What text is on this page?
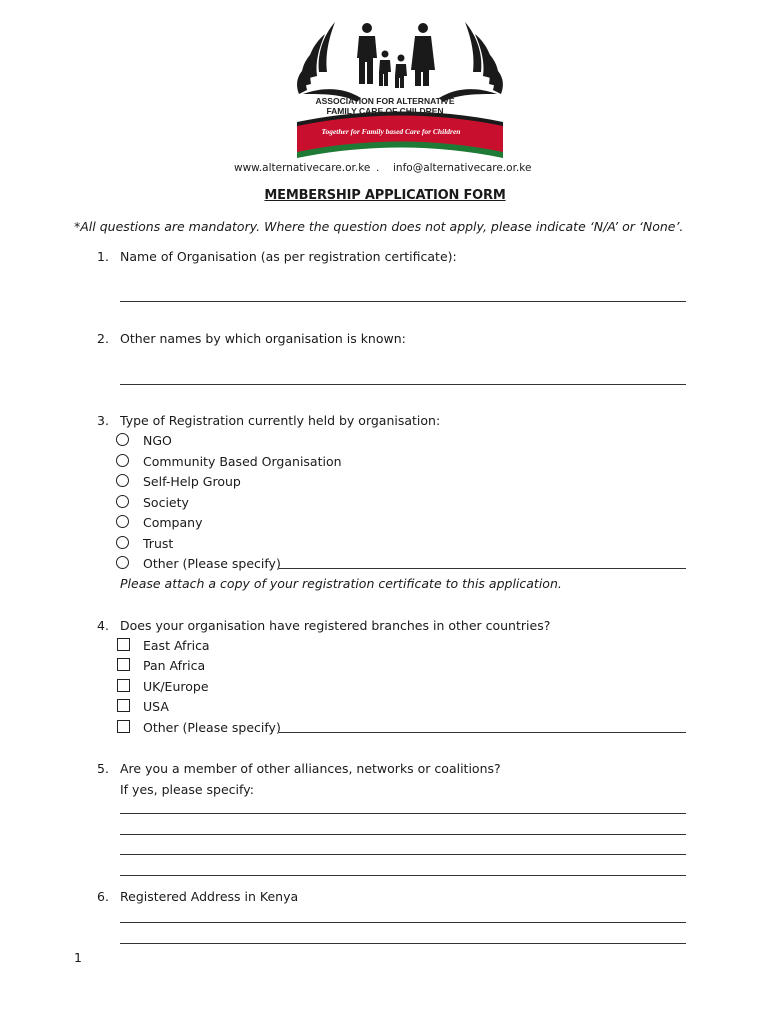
ASSOCIATION FOR ALTERNATIVE
FAMILY CARE OF CHILDREN
Together for Family based Care for Children
www.alternativecare.or.ke . info@alternativecare.or.ke
MEMBERSHIP APPLICATION FORM
*All questions are mandatory. Where the question does not apply, please indicate ‘N/A’ or ‘None’.
1. Name of Organisation (as per registration certificate):
2. Other names by which organisation is known:
3. Type of Registration currently held by organisation:
NGO
Community Based Organisation
Self-Help Group
Society
Company
Trust
Other (Please specify)
Please attach a copy of your registration certificate to this application.
4. Does your organisation have registered branches in other countries?
East Africa
Pan Africa
UK/Europe
USA
Other (Please specify)
5. Are you a member of other alliances, networks or coalitions?
If yes, please specify:
6. Registered Address in Kenya
1
